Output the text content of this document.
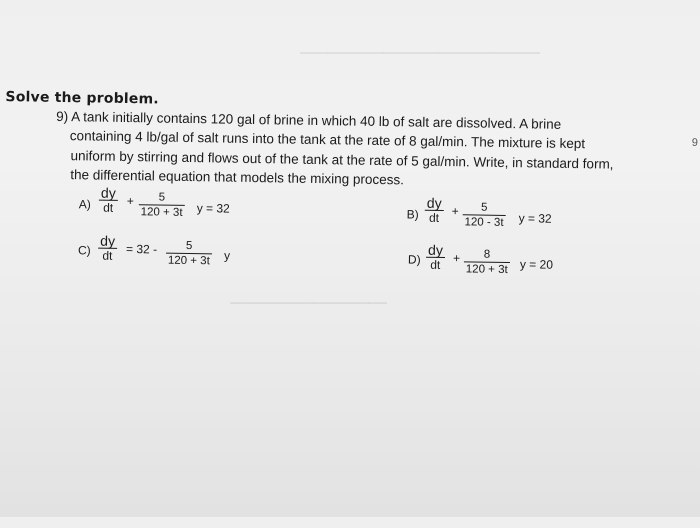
Solve the problem.
9) A tank initially contains 120 gal of brine in which 40 lb of salt are dissolved. A brine
containing 4 lb/gal of salt runs into the tank at the rate of 8 gal/min. The mixture is kept
uniform by stirring and flows out of the tank at the rate of 5 gal/min. Write, in standard form,
the differential equation that models the mixing process.
9
$A) \frac{dy}{dt} + \frac{5}{120 + 3t}$ y = 32	$B) \frac{dy}{dt} + \frac{5}{120 - 3t}$ y = 32
$C) \frac{dy}{dt} = 32 - \frac{5}{120 + 3t}$ y	$D) \frac{dy}{dt} + \frac{8}{120 + 3t}$ y = 20
▁▁▁▁▁▁▁▁▁▁▁▁▁▁▁▁▁▁▁▁▁▁▁▁▁▁
▁▁▁▁▁▁▁▁▁▁▁▁▁▁▁▁▁
